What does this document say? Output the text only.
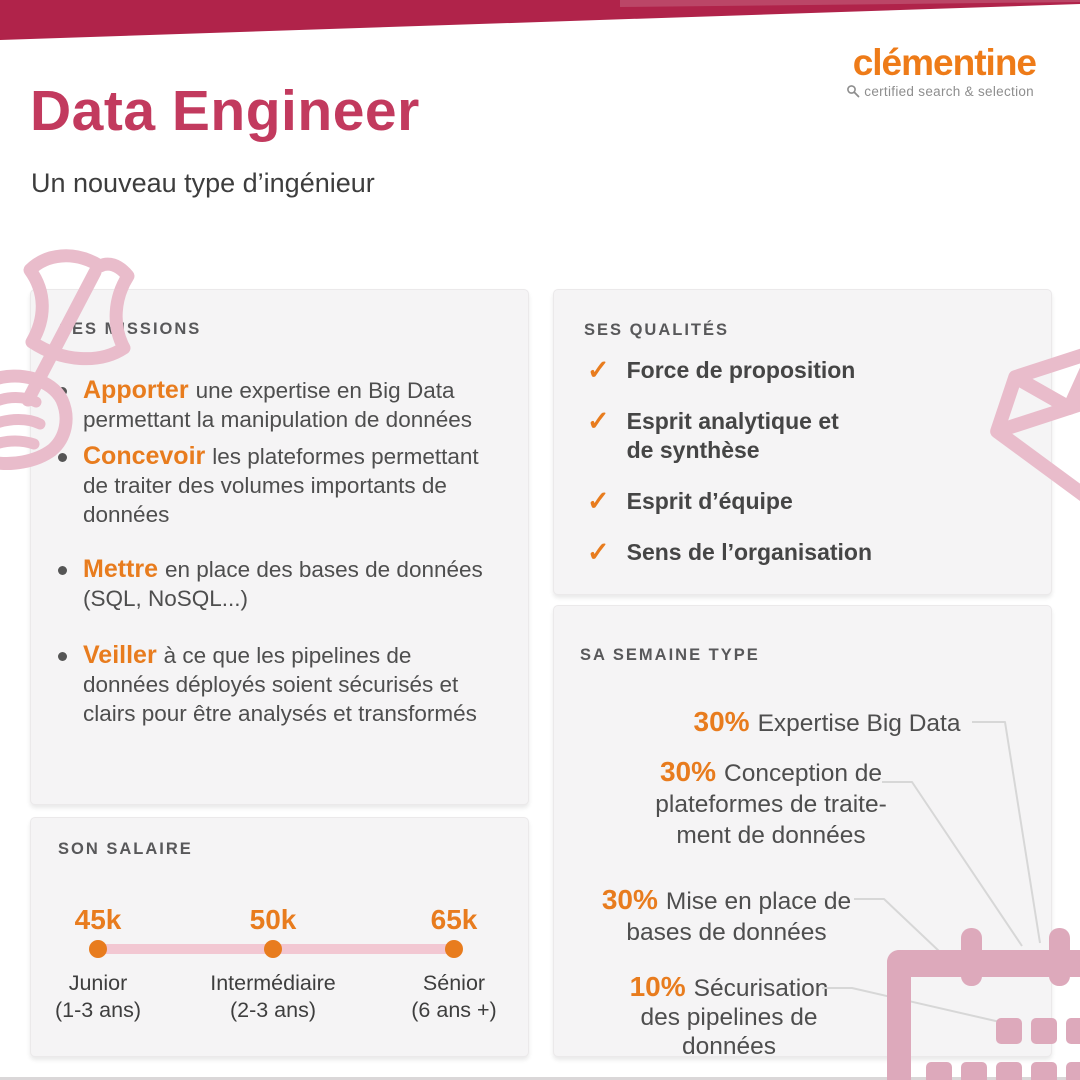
clémentine
certified search & selection
Data Engineer
Un nouveau type d’ingénieur
SES MISSIONS
Apporter une expertise en Big Data permettant la manipulation de données
Concevoir les plateformes permettant de traiter des volumes importants de données
Mettre en place des bases de données (SQL, NoSQL...)
Veiller à ce que les pipelines de données déployés soient sécurisés et clairs pour être analysés et transformés
SES QUALITÉS
✓ Force de proposition
✓ Esprit analytique et de synthèse
✓ Esprit d’équipe
✓ Sens de l’organisation
SON SALAIRE
45k	50k	65k
Junior
(1-3 ans)
Intermédiaire
(2-3 ans)
Sénior
(6 ans +)
SA SEMAINE TYPE
30% Expertise Big Data
30% Conception de
plateformes de traite-
ment de données
30% Mise en place de
bases de données
10% Sécurisation
des pipelines de
données
